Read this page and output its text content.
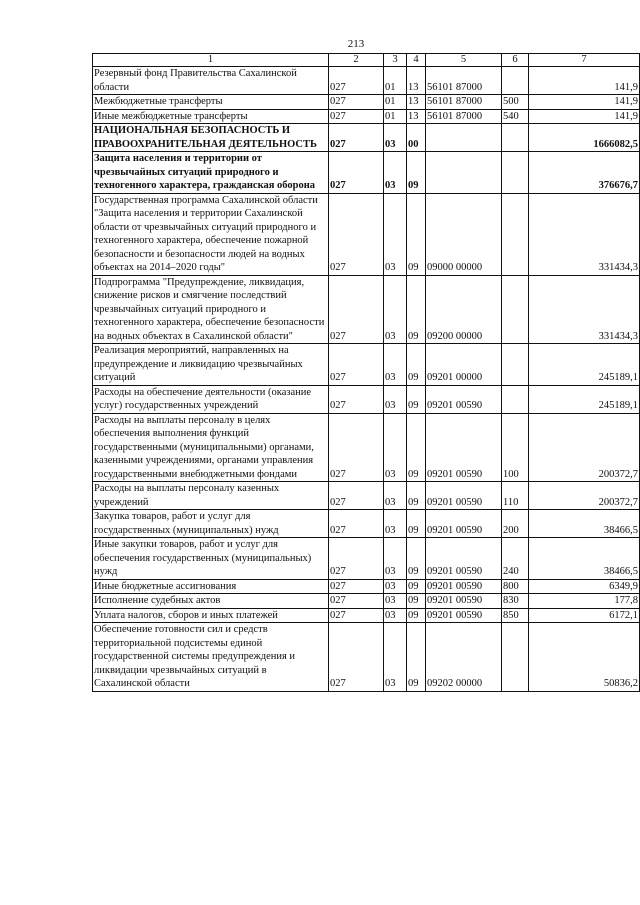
213
1	2	3	4	5	6	7
Резервный фонд Правительства Сахалинской области	027	01	13	56101 87000		141,9
Межбюджетные трансферты	027	01	13	56101 87000	500	141,9
Иные межбюджетные трансферты	027	01	13	56101 87000	540	141,9
НАЦИОНАЛЬНАЯ БЕЗОПАСНОСТЬ И ПРАВООХРАНИТЕЛЬНАЯ ДЕЯТЕЛЬНОСТЬ	027	03	00			1666082,5
Защита населения и территории от чрезвычайных ситуаций природного и техногенного характера, гражданская оборона	027	03	09			376676,7
Государственная программа Сахалинской области "Защита населения и территории Сахалинской области от чрезвычайных ситуаций природного и техногенного характера, обеспечение пожарной безопасности и безопасности людей на водных объектах на 2014–2020 годы"	027	03	09	09000 00000		331434,3
Подпрограмма "Предупреждение, ликвидация, снижение рисков и смягчение последствий чрезвычайных ситуаций природного и техногенного характера, обеспечение безопасности на водных объектах в Сахалинской области"	027	03	09	09200 00000		331434,3
Реализация мероприятий, направленных на предупреждение и ликвидацию чрезвычайных ситуаций	027	03	09	09201 00000		245189,1
Расходы на обеспечение деятельности (оказание услуг) государственных учреждений	027	03	09	09201 00590		245189,1
Расходы на выплаты персоналу в целях обеспечения выполнения функций государственными (муниципальными) органами, казенными учреждениями, органами управления государственными внебюджетными фондами	027	03	09	09201 00590	100	200372,7
Расходы на выплаты персоналу казенных учреждений	027	03	09	09201 00590	110	200372,7
Закупка товаров, работ и услуг для государственных (муниципальных) нужд	027	03	09	09201 00590	200	38466,5
Иные закупки товаров, работ и услуг для обеспечения государственных (муниципальных) нужд	027	03	09	09201 00590	240	38466,5
Иные бюджетные ассигнования	027	03	09	09201 00590	800	6349,9
Исполнение судебных актов	027	03	09	09201 00590	830	177,8
Уплата налогов, сборов и иных платежей	027	03	09	09201 00590	850	6172,1
Обеспечение готовности сил и средств территориальной подсистемы единой государственной системы предупреждения и ликвидации чрезвычайных ситуаций в Сахалинской области	027	03	09	09202 00000		50836,2
